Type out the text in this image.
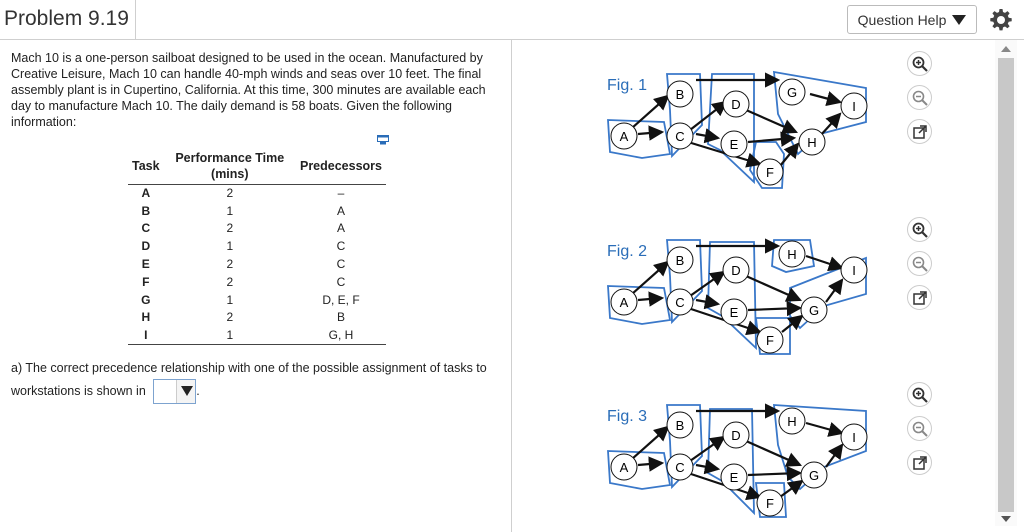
Problem 9.19	Question Help

Mach 10 is a one-person sailboat designed to be used in the ocean. Manufactured by Creative Leisure, Mach 10 can handle 40-mph winds and seas over 10 feet. The final assembly plant is in Cupertino, California. At this time, 300 minutes are available each day to manufacture Mach 10. The daily demand is 58 boats. Given the following information:

Task	Performance Time (mins)	Predecessors
A	2	–
B	1	A
C	2	A
D	1	C
E	2	C
F	2	C
G	1	D, E, F
H	2	B
I	1	G, H
a) The correct precedence relationship with one of the possible assignment of tasks to workstations is shown in	.
Fig. 1
A
B
C
D
E
F
G
H
I
Fig. 2
A
B
C
D
E
F
H
G
I
Fig. 3
A
B
C
D
E
F
H
G
I
